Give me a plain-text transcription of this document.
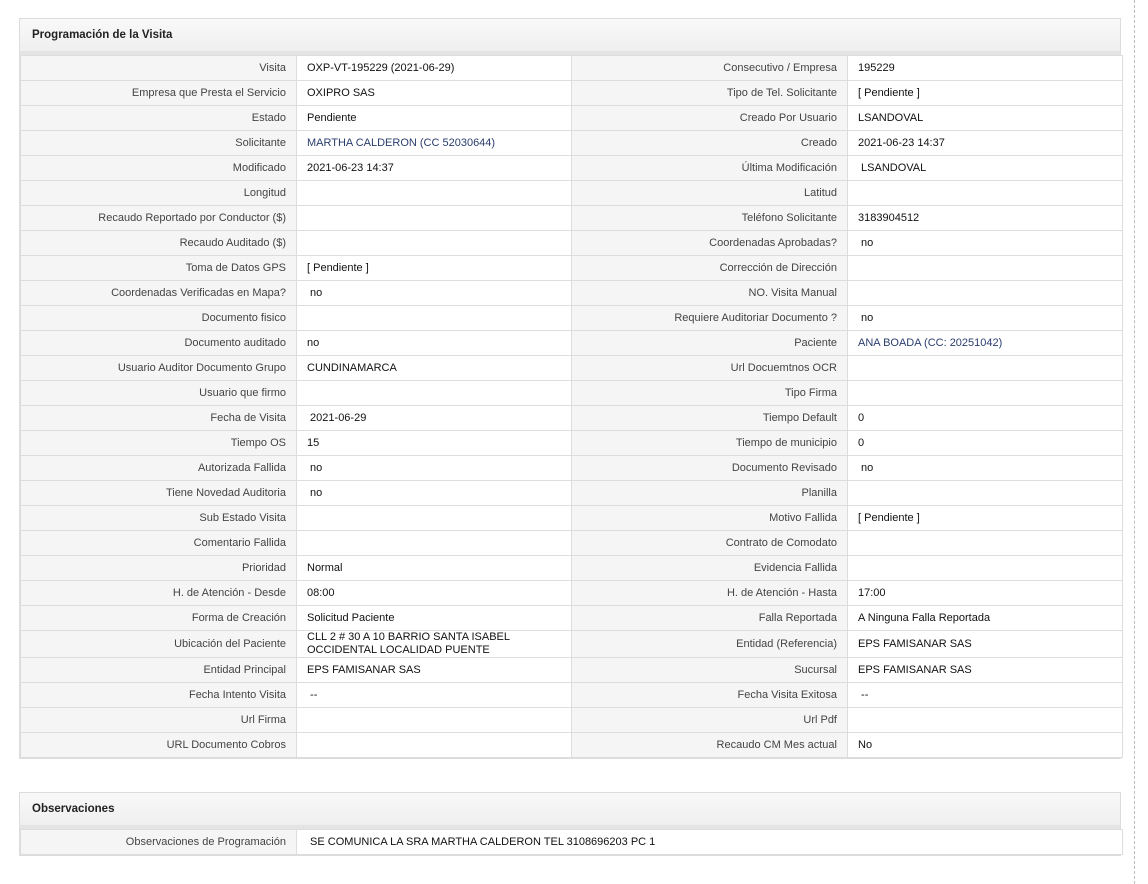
Programación de la Visita
Visita	OXP-VT-195229 (2021-06-29)	Consecutivo / Empresa	195229
Empresa que Presta el Servicio	OXIPRO SAS	Tipo de Tel. Solicitante	[ Pendiente ]
Estado	Pendiente	Creado Por Usuario	LSANDOVAL
Solicitante	MARTHA CALDERON (CC 52030644)	Creado	2021-06-23 14:37
Modificado	2021-06-23 14:37	Última Modificación	LSANDOVAL
Longitud		Latitud	
Recaudo Reportado por Conductor ($)		Teléfono Solicitante	3183904512
Recaudo Auditado ($)		Coordenadas Aprobadas?	no
Toma de Datos GPS	[ Pendiente ]	Corrección de Dirección	
Coordenadas Verificadas en Mapa?	no	NO. Visita Manual	
Documento fisico		Requiere Auditoriar Documento ?	no
Documento auditado	no	Paciente	ANA BOADA (CC: 20251042)
Usuario Auditor Documento Grupo	CUNDINAMARCA	Url Docuemtnos OCR	
Usuario que firmo		Tipo Firma	
Fecha de Visita	2021-06-29	Tiempo Default	0
Tiempo OS	15	Tiempo de municipio	0
Autorizada Fallida	no	Documento Revisado	no
Tiene Novedad Auditoria	no	Planilla	
Sub Estado Visita		Motivo Fallida	[ Pendiente ]
Comentario Fallida		Contrato de Comodato	
Prioridad	Normal	Evidencia Fallida	
H. de Atención - Desde	08:00	H. de Atención - Hasta	17:00
Forma de Creación	Solicitud Paciente	Falla Reportada	A Ninguna Falla Reportada
Ubicación del Paciente	CLL 2 # 30 A 10 BARRIO SANTA ISABEL OCCIDENTAL LOCALIDAD PUENTE	Entidad (Referencia)	EPS FAMISANAR SAS
Entidad Principal	EPS FAMISANAR SAS	Sucursal	EPS FAMISANAR SAS
Fecha Intento Visita	--	Fecha Visita Exitosa	--
Url Firma		Url Pdf	
URL Documento Cobros		Recaudo CM Mes actual	No
Observaciones
Observaciones de Programación	SE COMUNICA LA SRA MARTHA CALDERON TEL 3108696203 PC 1
